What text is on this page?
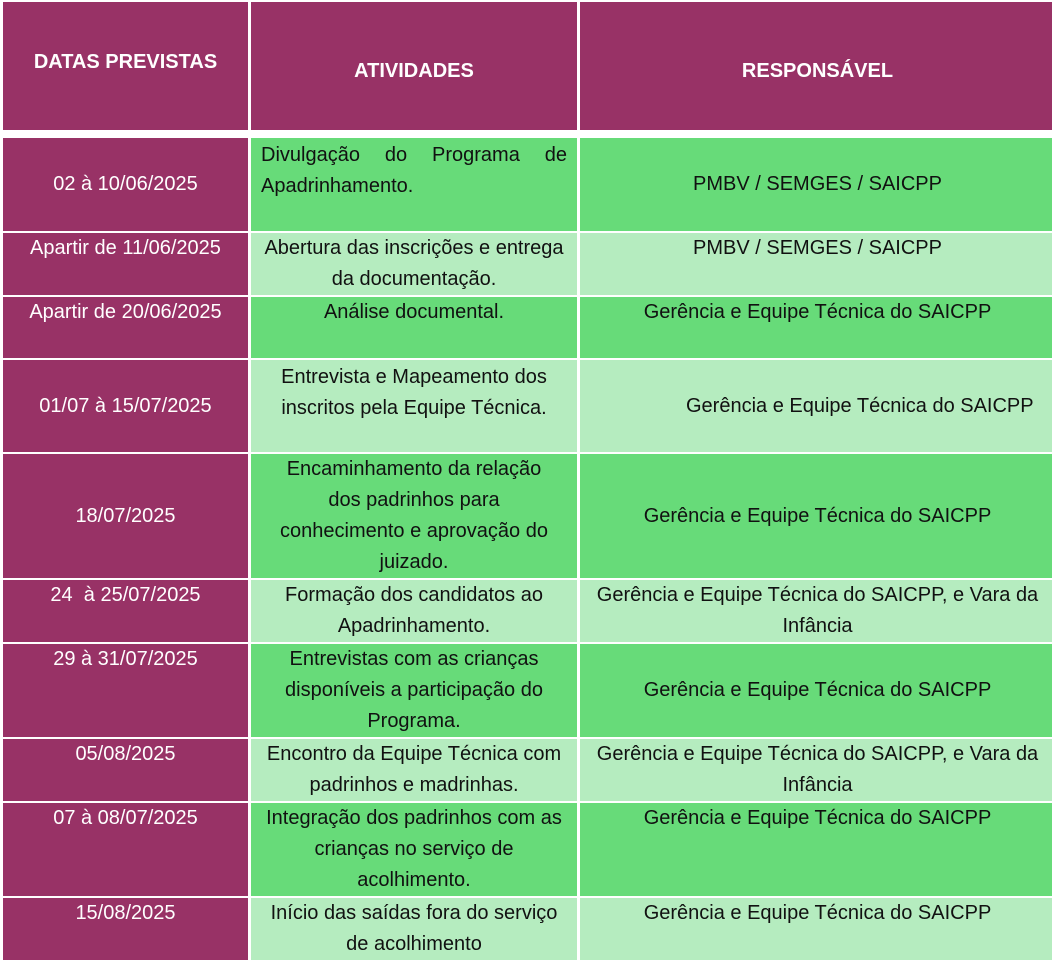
DATAS PREVISTAS	ATIVIDADES	RESPONSÁVEL

02 à 10/06/2025	Divulgação do Programa de Apadrinhamento.	PMBV / SEMGES / SAICPP
Apartir de 11/06/2025	Abertura das inscrições e entrega da documentação.	PMBV / SEMGES / SAICPP
Apartir de 20/06/2025	Análise documental.	Gerência e Equipe Técnica do SAICPP
01/07 à 15/07/2025	Entrevista e Mapeamento dos inscritos pela Equipe Técnica.	Gerência e Equipe Técnica do SAICPP
18/07/2025	Encaminhamento da relação dos padrinhos para conhecimento e aprovação do juizado.	Gerência e Equipe Técnica do SAICPP
24  à 25/07/2025	Formação dos candidatos ao Apadrinhamento.	Gerência e Equipe Técnica do SAICPP, e Vara da Infância
29 à 31/07/2025	Entrevistas com as crianças disponíveis a participação do Programa.	Gerência e Equipe Técnica do SAICPP
05/08/2025	Encontro da Equipe Técnica com padrinhos e madrinhas.	Gerência e Equipe Técnica do SAICPP, e Vara da Infância
07 à 08/07/2025	Integração dos padrinhos com as crianças no serviço de acolhimento.	Gerência e Equipe Técnica do SAICPP
15/08/2025	Início das saídas fora do serviço de acolhimento	Gerência e Equipe Técnica do SAICPP
